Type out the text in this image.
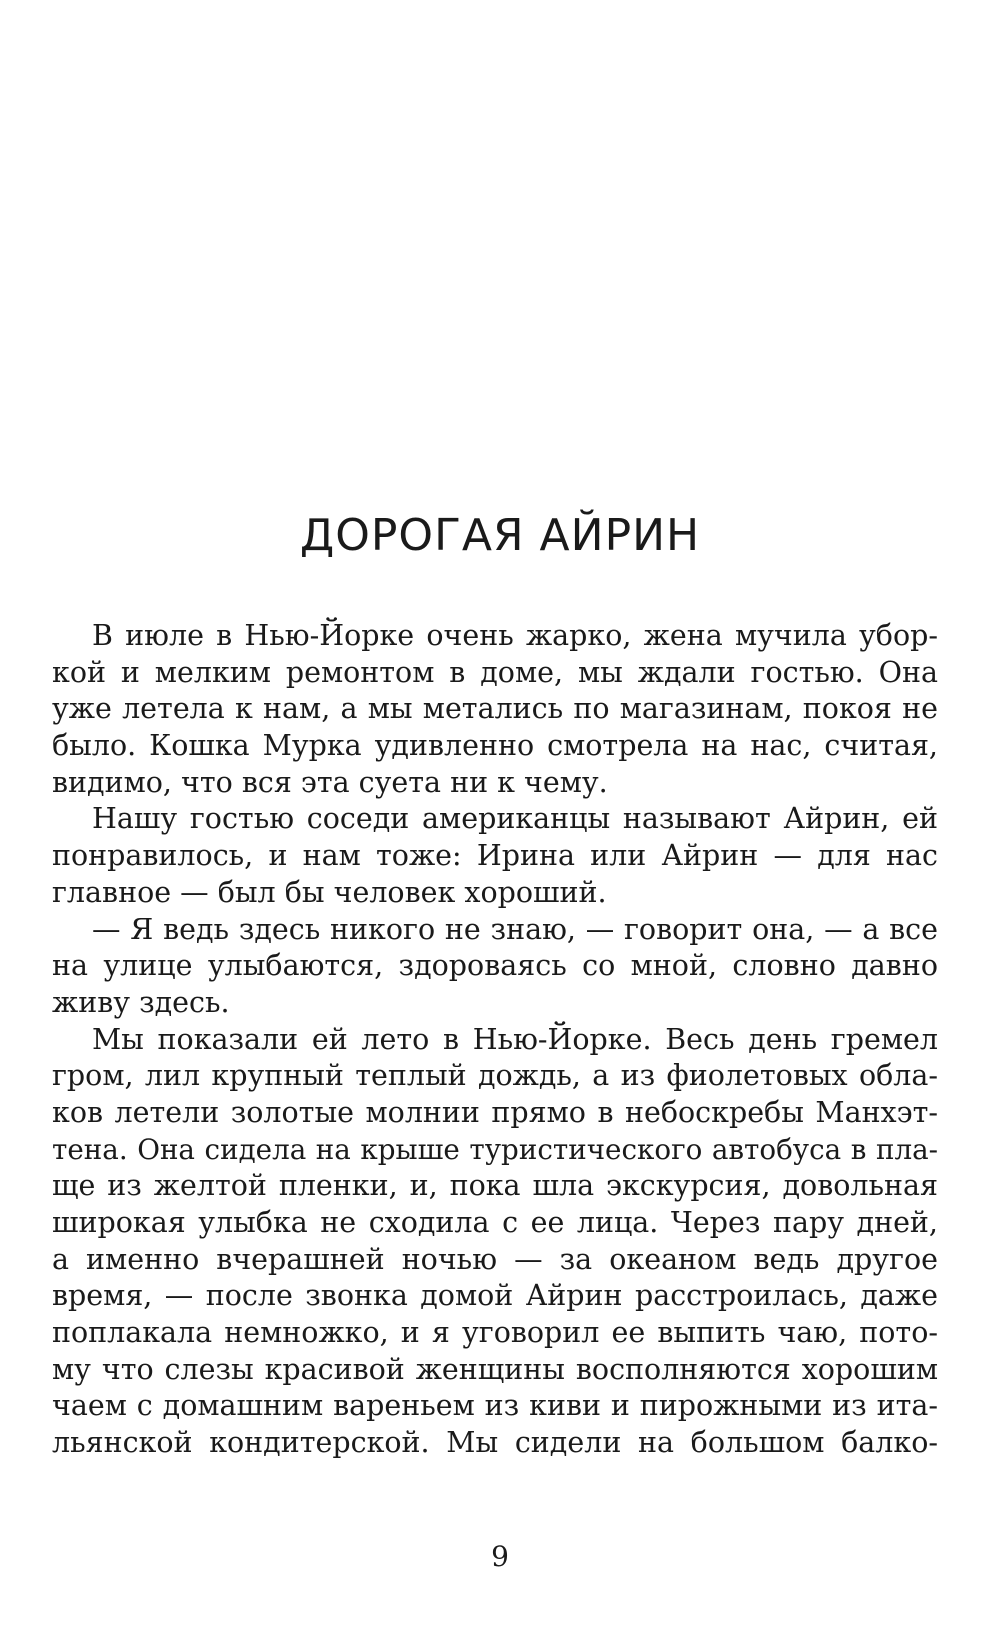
ДОРОГАЯ АЙРИН
В июле в Нью-Йорке очень жарко, жена мучила убор-
кой и мелким ремонтом в доме, мы ждали гостью. Она
уже летела к нам, а мы метались по магазинам, покоя не
было. Кошка Мурка удивленно смотрела на нас, считая,
видимо, что вся эта суета ни к чему.
Нашу гостью соседи американцы называют Айрин, ей
понравилось, и нам тоже: Ирина или Айрин — для нас
главное — был бы человек хороший.
— Я ведь здесь никого не знаю, — говорит она, — а все
на улице улыбаются, здороваясь со мной, словно давно
живу здесь.
Мы показали ей лето в Нью-Йорке. Весь день гремел
гром, лил крупный теплый дождь, а из фиолетовых обла-
ков летели золотые молнии прямо в небоскребы Манхэт-
тена. Она сидела на крыше туристического автобуса в пла-
ще из желтой пленки, и, пока шла экскурсия, довольная
широкая улыбка не сходила с ее лица. Через пару дней,
а именно вчерашней ночью — за океаном ведь другое
время, — после звонка домой Айрин расстроилась, даже
поплакала немножко, и я уговорил ее выпить чаю, пото-
му что слезы красивой женщины восполняются хорошим
чаем с домашним вареньем из киви и пирожными из ита-
льянской кондитерской. Мы сидели на большом балко-
9
